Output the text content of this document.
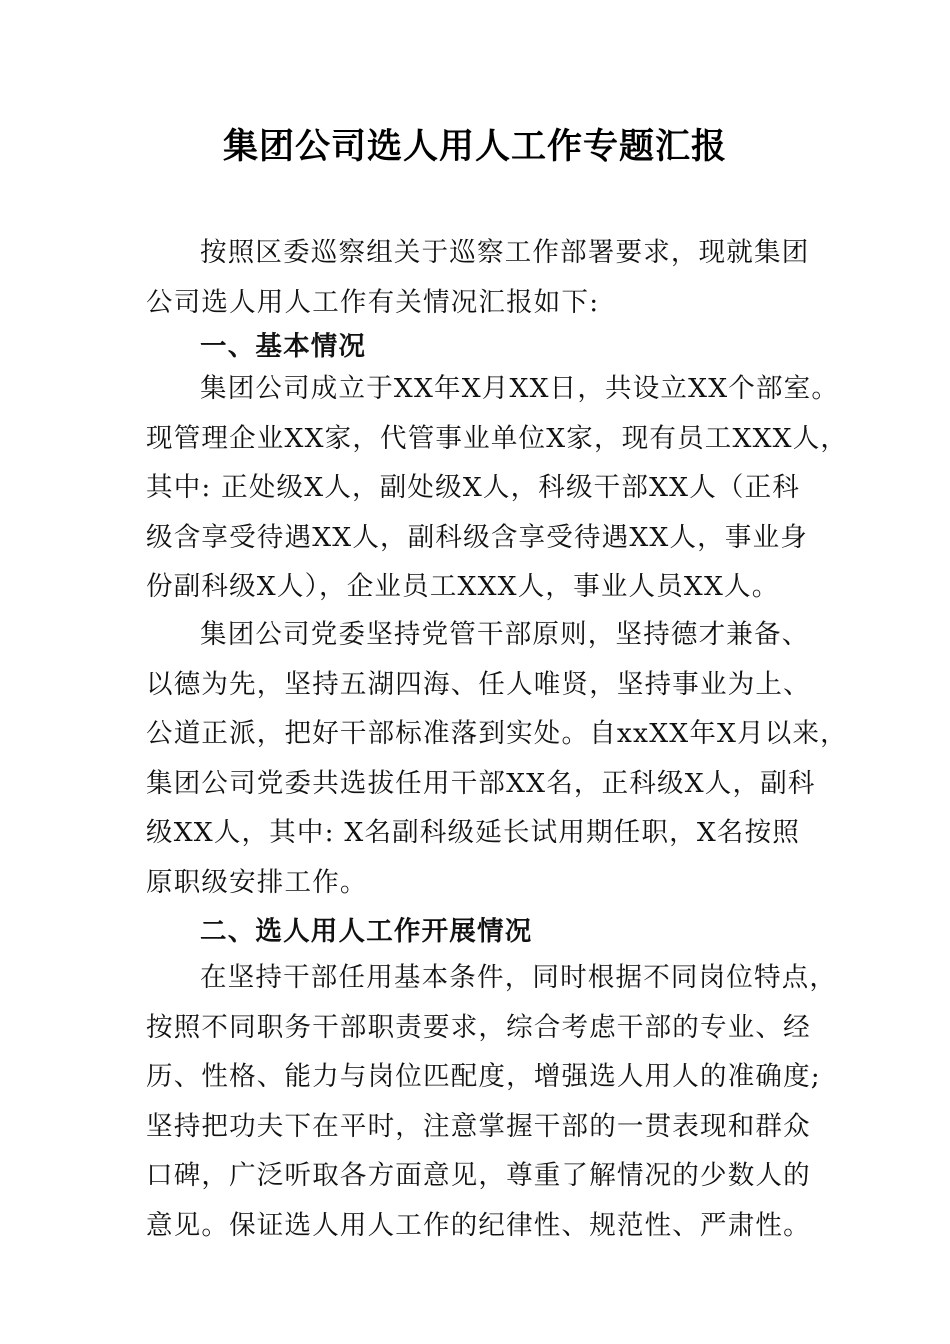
集团公司选人用人工作专题汇报
按照区委巡察组关于巡察工作部署要求，现就集团
公司选人用人工作有关情况汇报如下:
一、基本情况
集团公司成立于XX年X月XX日，共设立XX个部室。
现管理企业XX家，代管事业单位X家，现有员工XXX人，
其中: 正处级X人，副处级X人，科级干部XX人（正科
级含享受待遇XX人，副科级含享受待遇XX人，事业身
份副科级X人），企业员工XXX人，事业人员XX人。
集团公司党委坚持党管干部原则，坚持德才兼备、
以德为先，坚持五湖四海、任人唯贤，坚持事业为上、
公道正派，把好干部标准落到实处。自xxXX年X月以来，
集团公司党委共选拔任用干部XX名，正科级X人，副科
级XX人，其中: X名副科级延长试用期任职，X名按照
原职级安排工作。
二、选人用人工作开展情况
在坚持干部任用基本条件，同时根据不同岗位特点，
按照不同职务干部职责要求，综合考虑干部的专业、经
历、性格、能力与岗位匹配度，增强选人用人的准确度;
坚持把功夫下在平时，注意掌握干部的一贯表现和群众
口碑，广泛听取各方面意见，尊重了解情况的少数人的
意见。保证选人用人工作的纪律性、规范性、严肃性。
